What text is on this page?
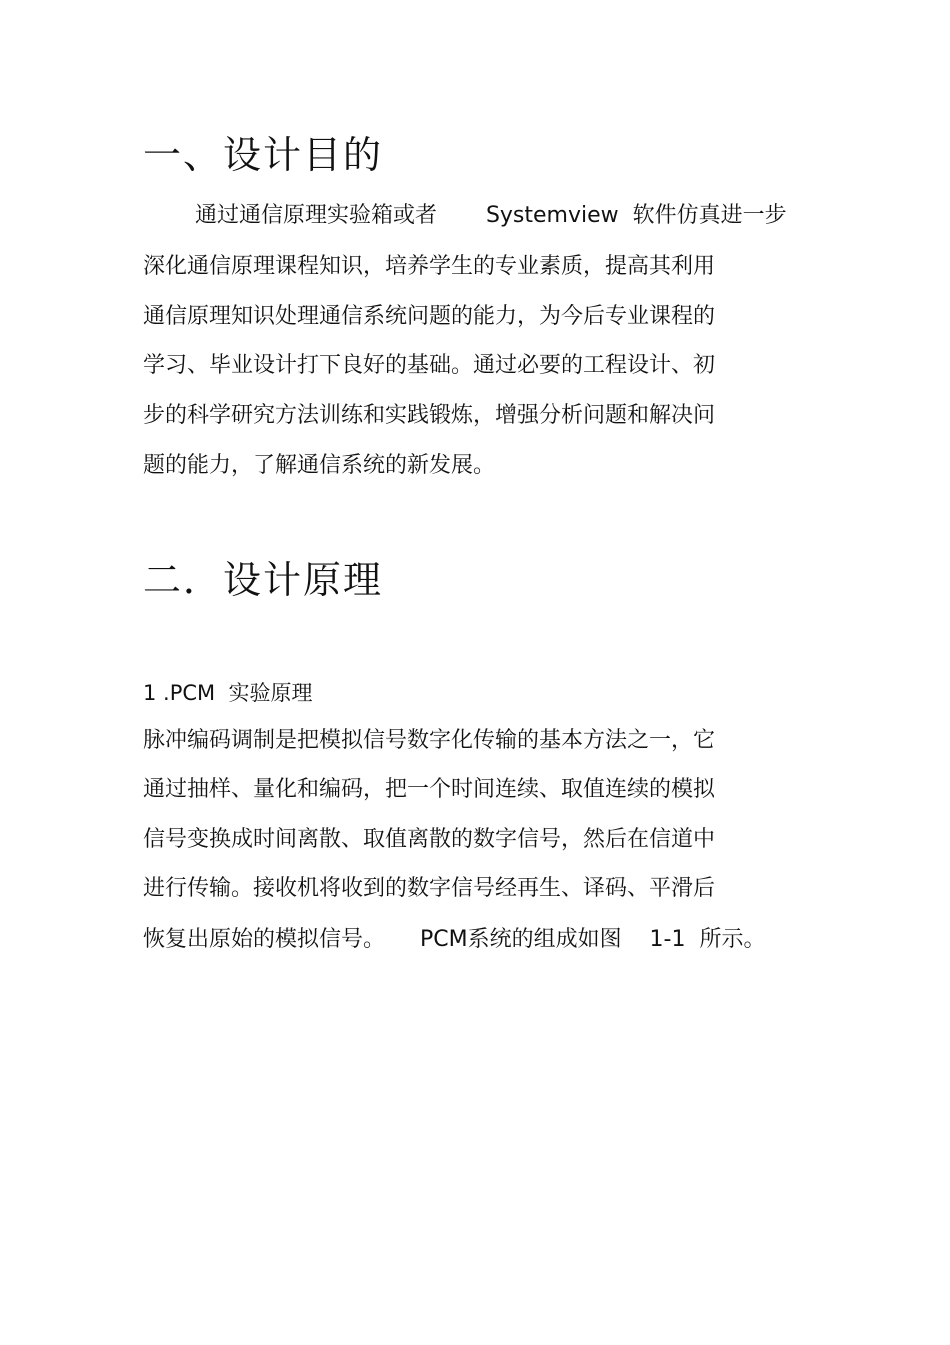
一、设计目的

通过通信原理实验箱或者       Systemview  软件仿真进一步

深化通信原理课程知识，培养学生的专业素质，提高其利用

通信原理知识处理通信系统问题的能力，为今后专业课程的

学习、毕业设计打下良好的基础。通过必要的工程设计、初

步的科学研究方法训练和实践锻炼，增强分析问题和解决问

题的能力，了解通信系统的新发展。

二．设计原理

1 .PCM  实验原理

脉冲编码调制是把模拟信号数字化传输的基本方法之一，它

通过抽样、量化和编码，把一个时间连续、取值连续的模拟

信号变换成时间离散、取值离散的数字信号，然后在信道中

进行传输。接收机将收到的数字信号经再生、译码、平滑后

恢复出原始的模拟信号。     PCM系统的组成如图    1-1  所示。
